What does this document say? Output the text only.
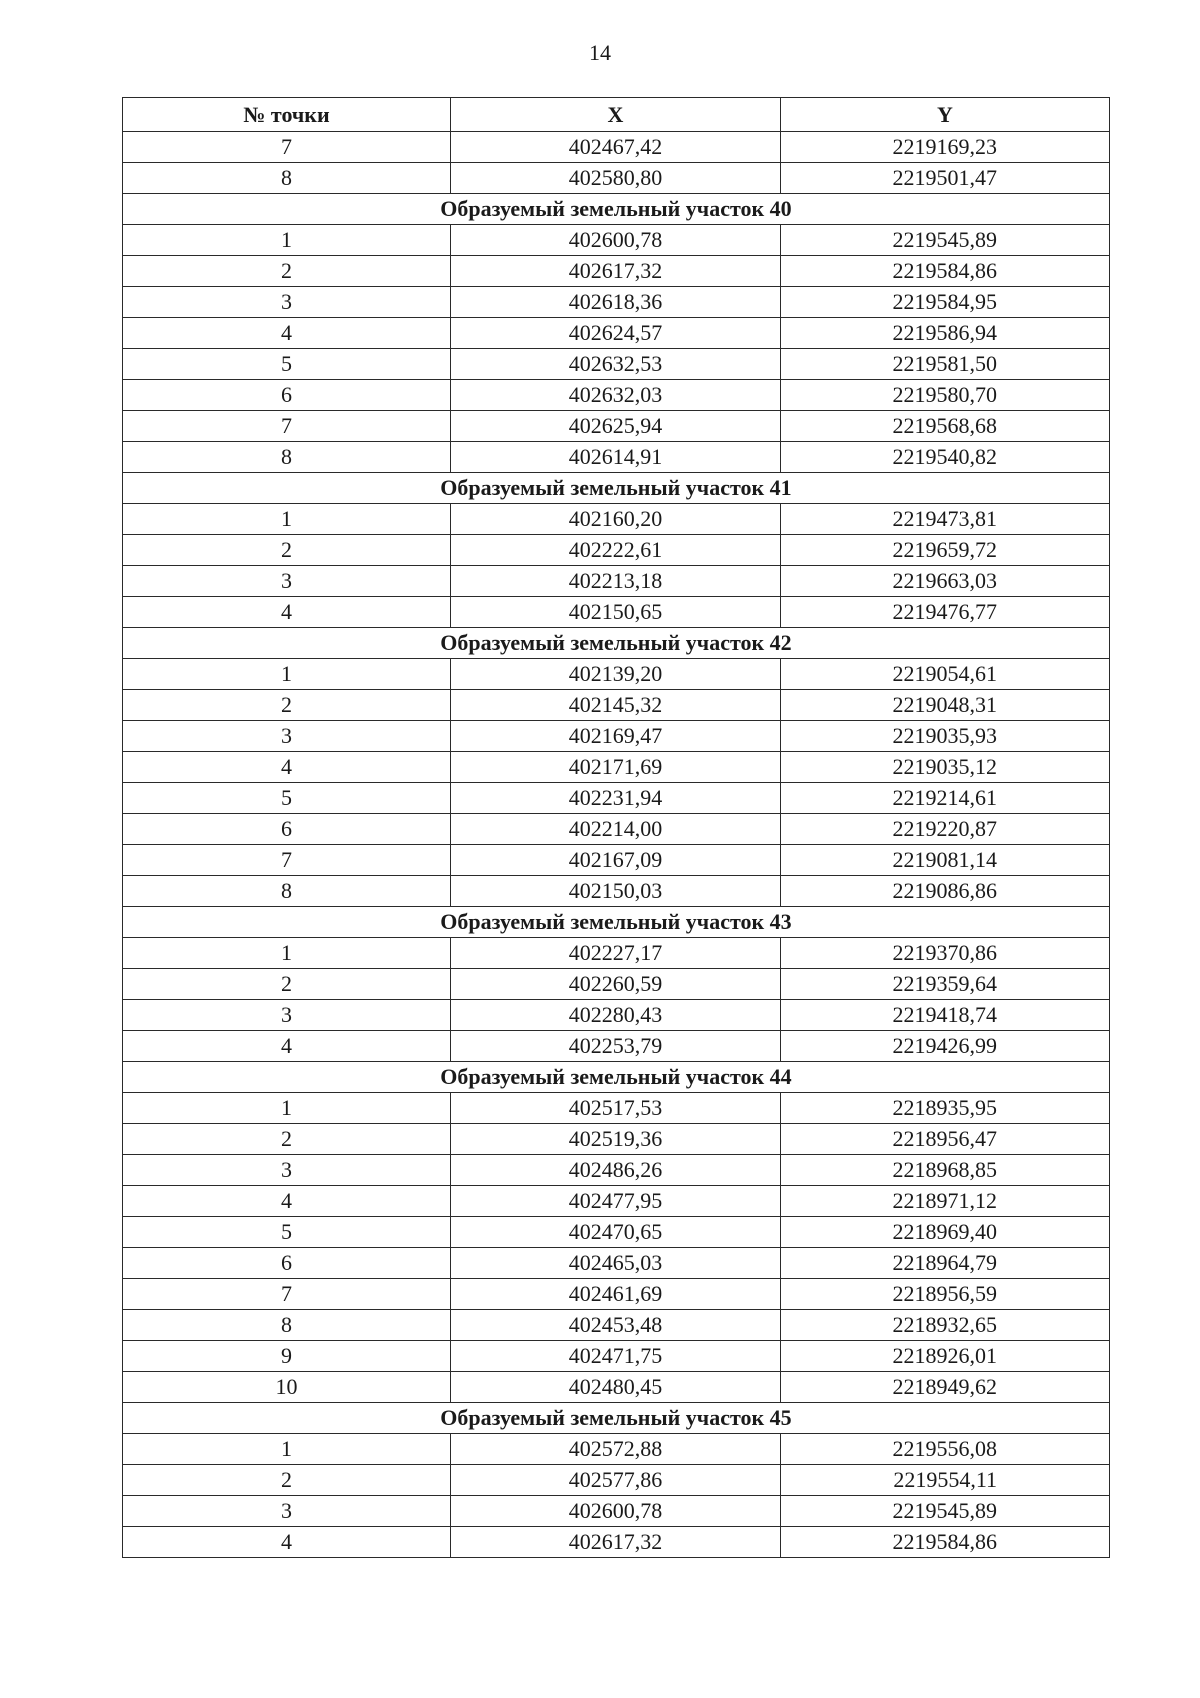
14
№ точки	X	Y
7	402467,42	2219169,23
8	402580,80	2219501,47
Образуемый земельный участок 40		
1	402600,78	2219545,89
2	402617,32	2219584,86
3	402618,36	2219584,95
4	402624,57	2219586,94
5	402632,53	2219581,50
6	402632,03	2219580,70
7	402625,94	2219568,68
8	402614,91	2219540,82
Образуемый земельный участок 41		
1	402160,20	2219473,81
2	402222,61	2219659,72
3	402213,18	2219663,03
4	402150,65	2219476,77
Образуемый земельный участок 42		
1	402139,20	2219054,61
2	402145,32	2219048,31
3	402169,47	2219035,93
4	402171,69	2219035,12
5	402231,94	2219214,61
6	402214,00	2219220,87
7	402167,09	2219081,14
8	402150,03	2219086,86
Образуемый земельный участок 43		
1	402227,17	2219370,86
2	402260,59	2219359,64
3	402280,43	2219418,74
4	402253,79	2219426,99
Образуемый земельный участок 44		
1	402517,53	2218935,95
2	402519,36	2218956,47
3	402486,26	2218968,85
4	402477,95	2218971,12
5	402470,65	2218969,40
6	402465,03	2218964,79
7	402461,69	2218956,59
8	402453,48	2218932,65
9	402471,75	2218926,01
10	402480,45	2218949,62
Образуемый земельный участок 45		
1	402572,88	2219556,08
2	402577,86	2219554,11
3	402600,78	2219545,89
4	402617,32	2219584,86
